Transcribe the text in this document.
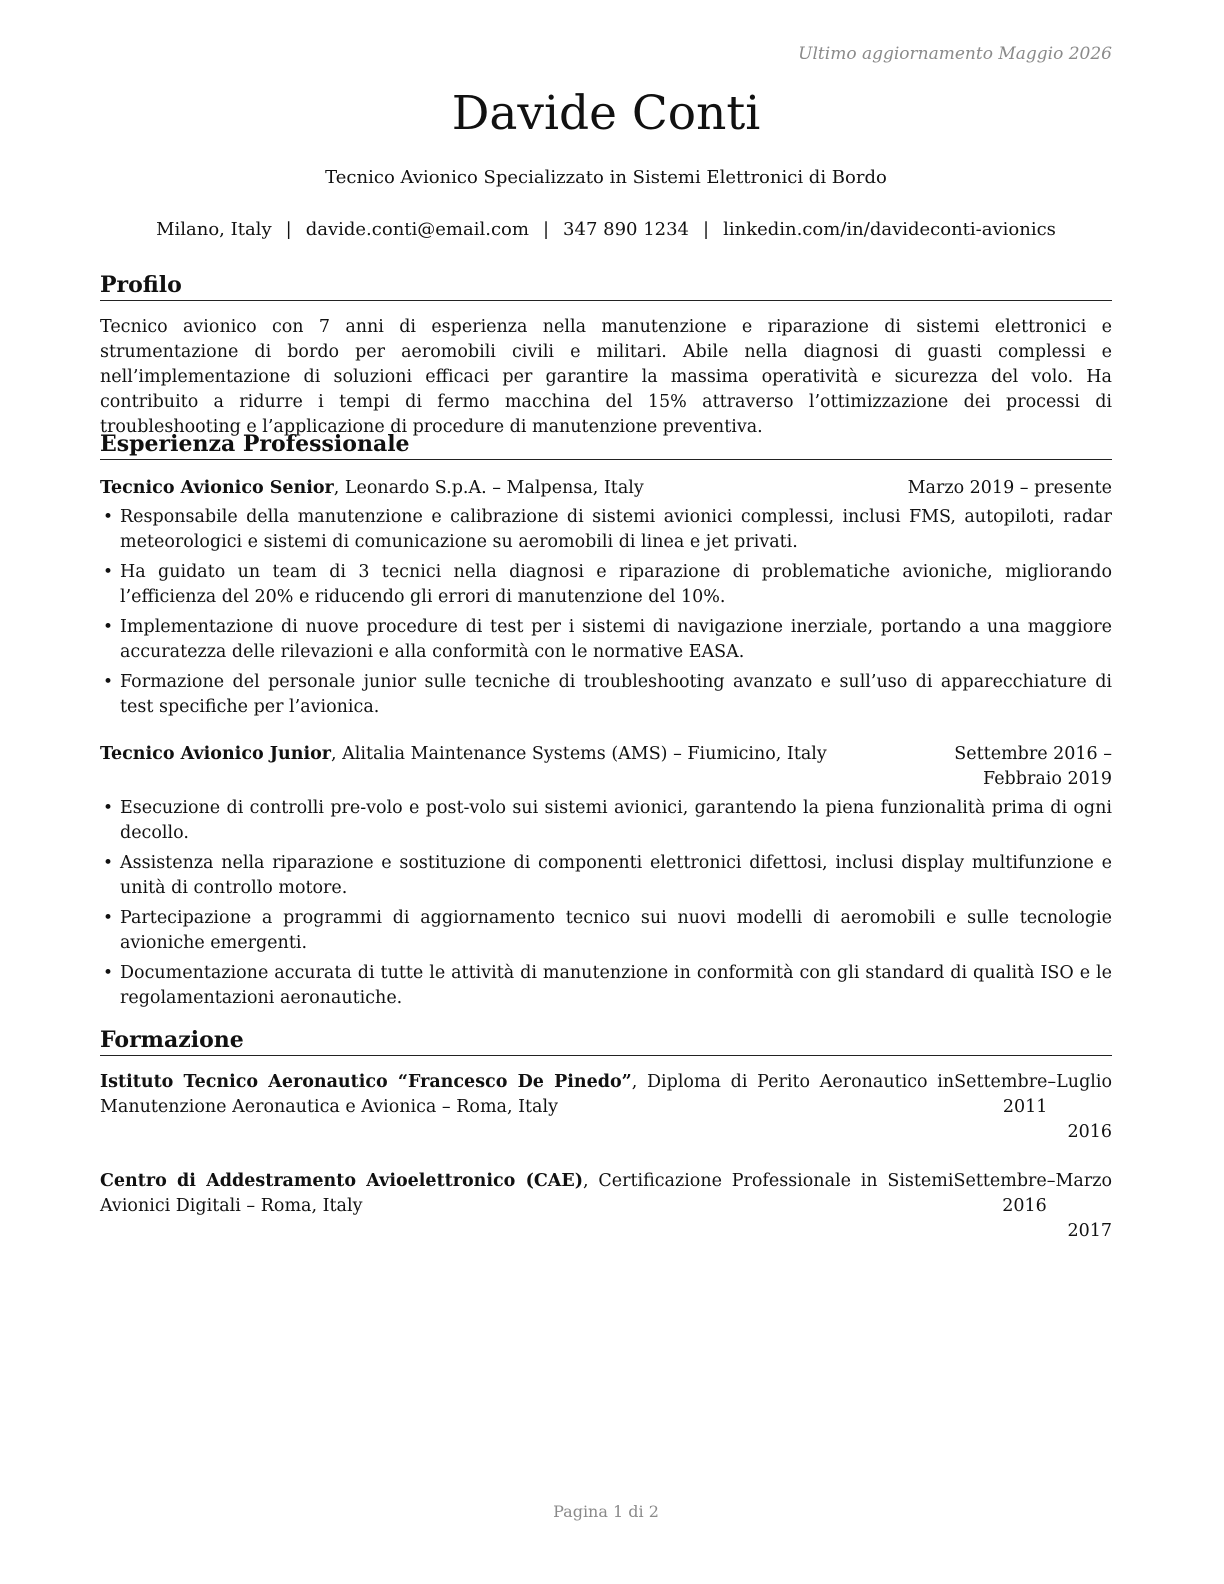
Ultimo aggiornamento Maggio 2026
Davide Conti
Tecnico Avionico Specializzato in Sistemi Elettronici di Bordo
Milano, Italy | davide.conti@email.com | 347 890 1234 | linkedin.com/in/davideconti-avionics
Profilo

Tecnico avionico con 7 anni di esperienza nella manutenzione e riparazione di sistemi elettronici e strumentazione di bordo per aeromobili civili e militari. Abile nella diagnosi di guasti complessi e nell’implementazione di soluzioni efficaci per garantire la massima operatività e sicurezza del volo. Ha contribuito a ridurre i tempi di fermo macchina del 15% attraverso l’ottimizzazione dei processi di troubleshooting e l’applicazione di procedure di manutenzione preventiva.

Esperienza Professionale
Tecnico Avionico Senior, Leonardo S.p.A. – Malpensa, Italy	Marzo 2019 – presente
• Responsabile della manutenzione e calibrazione di sistemi avionici complessi, inclusi FMS, autopiloti, radar meteorologici e sistemi di comunicazione su aeromobili di linea e jet privati.
• Ha guidato un team di 3 tecnici nella diagnosi e riparazione di problematiche avioniche, migliorando l’efficienza del 20% e riducendo gli errori di manutenzione del 10%.
• Implementazione di nuove procedure di test per i sistemi di navigazione inerziale, portando a una maggiore accuratezza delle rilevazioni e alla conformità con le normative EASA.
• Formazione del personale junior sulle tecniche di troubleshooting avanzato e sull’uso di apparecchiature di test specifiche per l’avionica.
Tecnico Avionico Junior, Alitalia Maintenance Systems (AMS) – Fiumicino, Italy	Settembre 2016 – Febbraio 2019
• Esecuzione di controlli pre-volo e post-volo sui sistemi avionici, garantendo la piena funzionalità prima di ogni decollo.
• Assistenza nella riparazione e sostituzione di componenti elettronici difettosi, inclusi display multifunzione e unità di controllo motore.
• Partecipazione a programmi di aggiornamento tecnico sui nuovi modelli di aeromobili e sulle tecnologie avioniche emergenti.
• Documentazione accurata di tutte le attività di manutenzione in conformità con gli standard di qualità ISO e le regolamentazioni aeronautiche.
Formazione
Istituto Tecnico Aeronautico “Francesco De Pinedo”, Diploma di Perito Aeronautico in Manutenzione Aeronautica e Avionica – Roma, Italy
Settembre 2011
– Luglio
2016
Centro di Addestramento Avioelettronico (CAE), Certificazione Professionale in Sistemi Avionici Digitali – Roma, Italy
Settembre 2016
– Marzo
2017
Pagina 1 di 2
